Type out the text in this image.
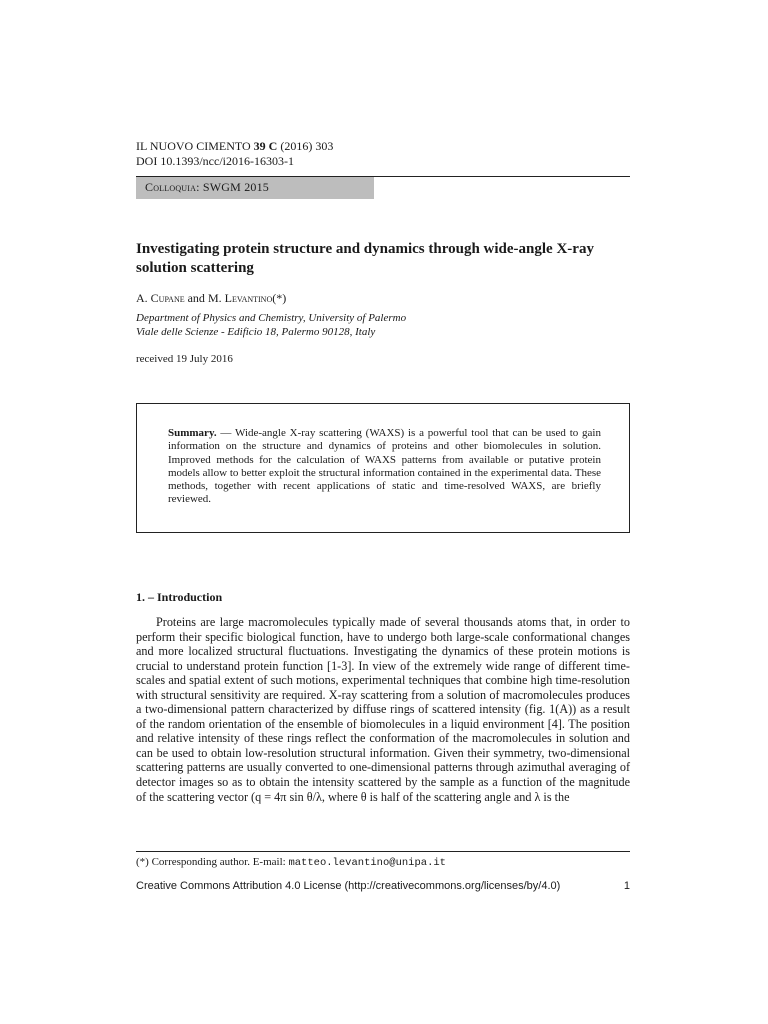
IL NUOVO CIMENTO 39 C (2016) 303
DOI 10.1393/ncc/i2016-16303-1
Colloquia: SWGM 2015
Investigating protein structure and dynamics through wide-angle X-ray solution scattering
A. Cupane and M. Levantino(*)
Department of Physics and Chemistry, University of Palermo
Viale delle Scienze - Edificio 18, Palermo 90128, Italy
received 19 July 2016
Summary. — Wide-angle X-ray scattering (WAXS) is a powerful tool that can be used to gain information on the structure and dynamics of proteins and other biomolecules in solution. Improved methods for the calculation of WAXS patterns from available or putative protein models allow to better exploit the structural information contained in the experimental data. These methods, together with recent applications of static and time-resolved WAXS, are briefly reviewed.
1. – Introduction

Proteins are large macromolecules typically made of several thousands atoms that, in order to perform their specific biological function, have to undergo both large-scale conformational changes and more localized structural fluctuations. Investigating the dynamics of these protein motions is crucial to understand protein function [1-3]. In view of the extremely wide range of different time-scales and spatial extent of such motions, experimental techniques that combine high time-resolution with structural sensitivity are required. X-ray scattering from a solution of macromolecules produces a two-dimensional pattern characterized by diffuse rings of scattered intensity (fig. 1(A)) as a result of the random orientation of the ensemble of biomolecules in a liquid environment [4]. The position and relative intensity of these rings reflect the conformation of the macromolecules in solution and can be used to obtain low-resolution structural information. Given their symmetry, two-dimensional scattering patterns are usually converted to one-dimensional patterns through azimuthal averaging of detector images so as to obtain the intensity scattered by the sample as a function of the magnitude of the scattering vector (q = 4π sin θ/λ, where θ is half of the scattering angle and λ is the

(*) Corresponding author. E-mail: matteo.levantino@unipa.it
Creative Commons Attribution 4.0 License (http://creativecommons.org/licenses/by/4.0)	1
